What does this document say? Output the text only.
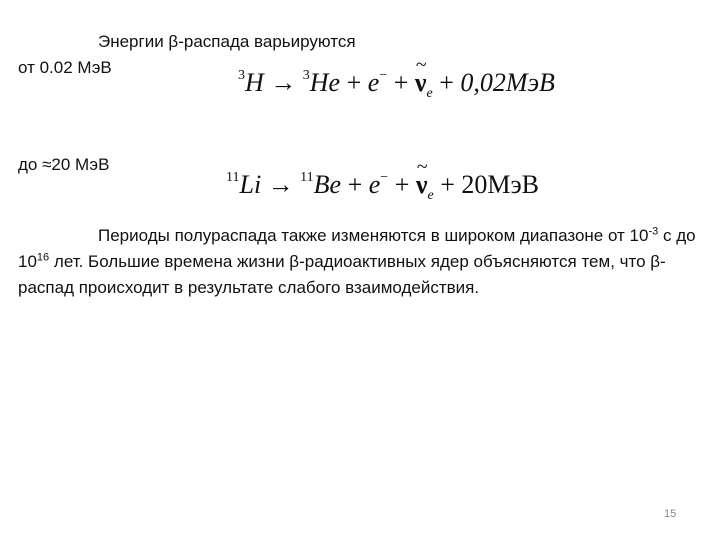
Энергии β-распада варьируются
от 0.02 МэВ	$^3$H → $^3$He + e− + ~ $\nu_e + 0,02МэВ$
до ≈20 МэВ
$^{11}$Li → $^{11}$Be + e− + ~ $\nu_e + 20МэВ$
Периоды полураспада также изменяются в широком диапазоне от $10^{-3}$ с до $10^{16}$ лет. Большие времена жизни β-радиоактивных ядер объясняются тем, что β-распад происходит в результате слабого взаимодействия.
15
